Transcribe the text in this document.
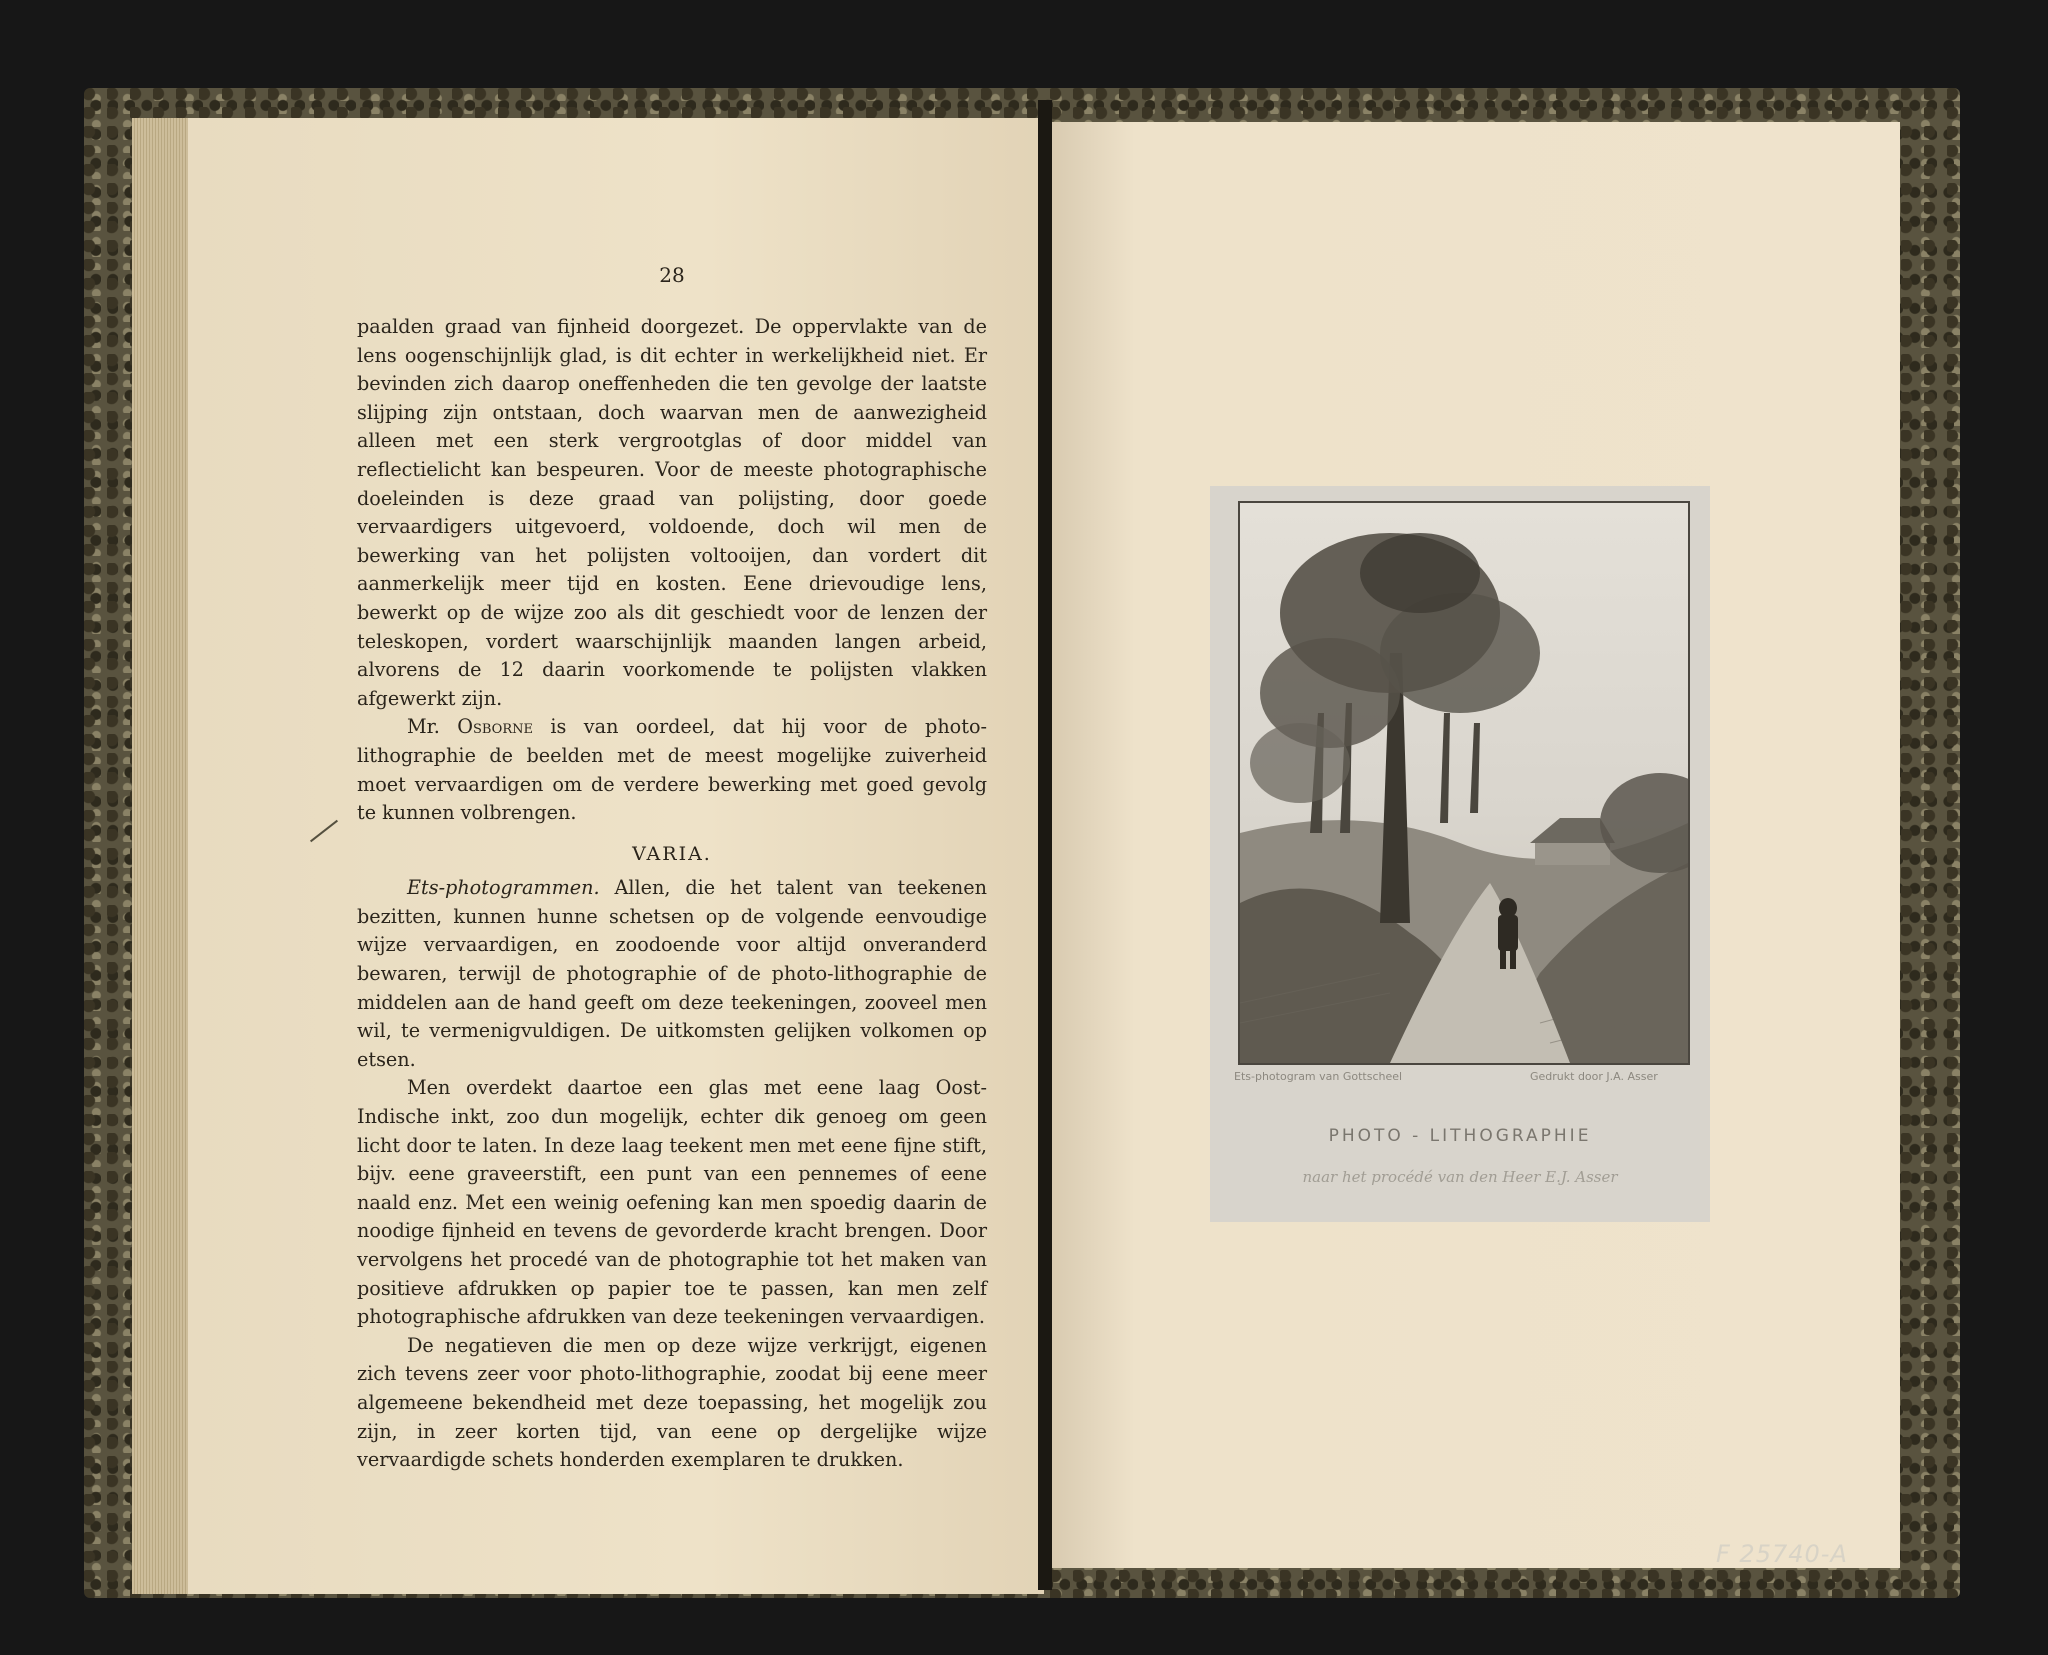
28

paalden graad van fijnheid doorgezet. De oppervlakte van de lens oogenschijnlijk glad, is dit echter in werkelijkheid niet. Er bevinden zich daarop oneffenheden die ten gevolge der laatste slijping zijn ontstaan, doch waarvan men de aanwezigheid alleen met een sterk vergrootglas of door middel van reflectielicht kan bespeuren. Voor de meeste photographische doeleinden is deze graad van polijsting, door goede vervaardigers uitgevoerd, voldoende, doch wil men de bewerking van het polijsten voltooijen, dan vordert dit aanmerkelijk meer tijd en kosten. Eene drievoudige lens, bewerkt op de wijze zoo als dit geschiedt voor de lenzen der teleskopen, vordert waarschijnlijk maanden langen arbeid, alvorens de 12 daarin voorkomende te polijsten vlakken afgewerkt zijn.

Mr. Osborne is van oordeel, dat hij voor de photo-lithographie de beelden met de meest mogelijke zuiverheid moet vervaardigen om de verdere bewerking met goed gevolg te kunnen volbrengen.

VARIA.

Ets-photogrammen. Allen, die het talent van teekenen bezitten, kunnen hunne schetsen op de volgende eenvoudige wijze vervaardigen, en zoodoende voor altijd onveranderd bewaren, terwijl de photographie of de photo-lithographie de middelen aan de hand geeft om deze teekeningen, zooveel men wil, te vermenigvuldigen. De uitkomsten gelijken volkomen op etsen.

Men overdekt daartoe een glas met eene laag Oost-Indische inkt, zoo dun mogelijk, echter dik genoeg om geen licht door te laten. In deze laag teekent men met eene fijne stift, bijv. eene graveerstift, een punt van een pennemes of eene naald enz. Met een weinig oefening kan men spoedig daarin de noodige fijnheid en tevens de gevorderde kracht brengen. Door vervolgens het procedé van de photographie tot het maken van positieve afdrukken op papier toe te passen, kan men zelf photographische afdrukken van deze teekeningen vervaardigen.

De negatieven die men op deze wijze verkrijgt, eigenen zich tevens zeer voor photo-lithographie, zoodat bij eene meer algemeene bekendheid met deze toepassing, het mogelijk zou zijn, in zeer korten tijd, van eene op dergelijke wijze vervaardigde schets honderden exemplaren te drukken.

Ets-photogram van Gottscheel	Gedrukt door J.A. Asser
PHOTO - LITHOGRAPHIE
naar het procédé van den Heer E.J. Asser
F 25740-A
